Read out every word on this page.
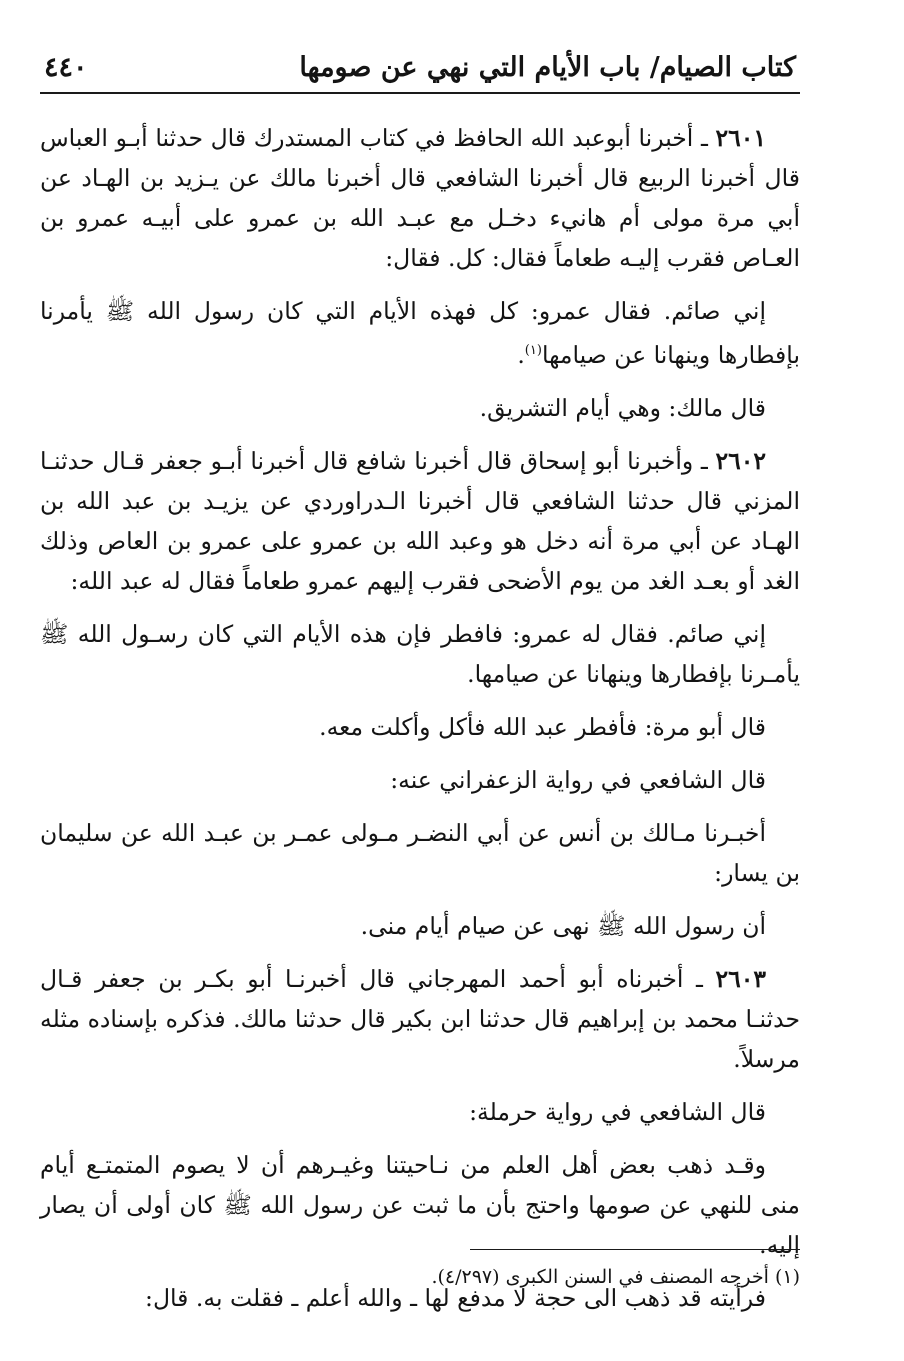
كتاب الصيام/ باب الأيام التي نهي عن صومها
٤٤٠

٢٦٠١ ـ أخبرنا أبوعبد الله الحافظ في كتاب المستدرك قال حدثنا أبـو العباس قال أخبرنا الربيع قال أخبرنا الشافعي قال أخبرنا مالك عن يـزيد بن الهـاد عن أبي مرة مولى أم هانيء دخـل مع عبـد الله بن عمرو على أبيـه عمرو بن العـاص فقرب إليـه طعاماً فقال: كل. فقال:

إني صائم. فقال عمرو: كل فهذه الأيام التي كان رسول الله ﷺ يأمرنا بإفطارها وينهانا عن صيامها$^{(١)}$.

قال مالك: وهي أيام التشريق.

٢٦٠٢ ـ وأخبرنا أبو إسحاق قال أخبرنا شافع قال أخبرنا أبـو جعفر قـال حدثنـا المزني قال حدثنا الشافعي قال أخبرنا الـدراوردي عن يزيـد بن عبد الله بن الهـاد عن أبي مرة أنه دخل هو وعبد الله بن عمرو على عمرو بن العاص وذلك الغد أو بعـد الغد من يوم الأضحى فقرب إليهم عمرو طعاماً فقال له عبد الله:

إني صائم. فقال له عمرو: فافطر فإن هذه الأيام التي كان رسـول الله ﷺ يأمـرنا بإفطارها وينهانا عن صيامها.

قال أبو مرة: فأفطر عبد الله فأكل وأكلت معه.

قال الشافعي في رواية الزعفراني عنه:

أخبـرنا مـالك بن أنس عن أبي النضـر مـولى عمـر بن عبـد الله عن سليمان بن يسار:

أن رسول الله ﷺ نهى عن صيام أيام منى.

٢٦٠٣ ـ أخبرناه أبو أحمد المهرجاني قال أخبرنـا أبو بكـر بن جعفر قـال حدثنـا محمد بن إبراهيم قال حدثنا ابن بكير قال حدثنا مالك. فذكره بإسناده مثله مرسلاً.

قال الشافعي في رواية حرملة:

وقـد ذهب بعض أهل العلم من نـاحيتنا وغيـرهم أن لا يصوم المتمتـع أيام منى للنهي عن صومها واحتج بأن ما ثبت عن رسول الله ﷺ كان أولى أن يصار إليه.

فرأيته قد ذهب الى حجة لا مدفع لها ـ والله أعلم ـ فقلت به. قال:

(١) أخرجه المصنف في السنن الكبرى (٤/٢٩٧).
